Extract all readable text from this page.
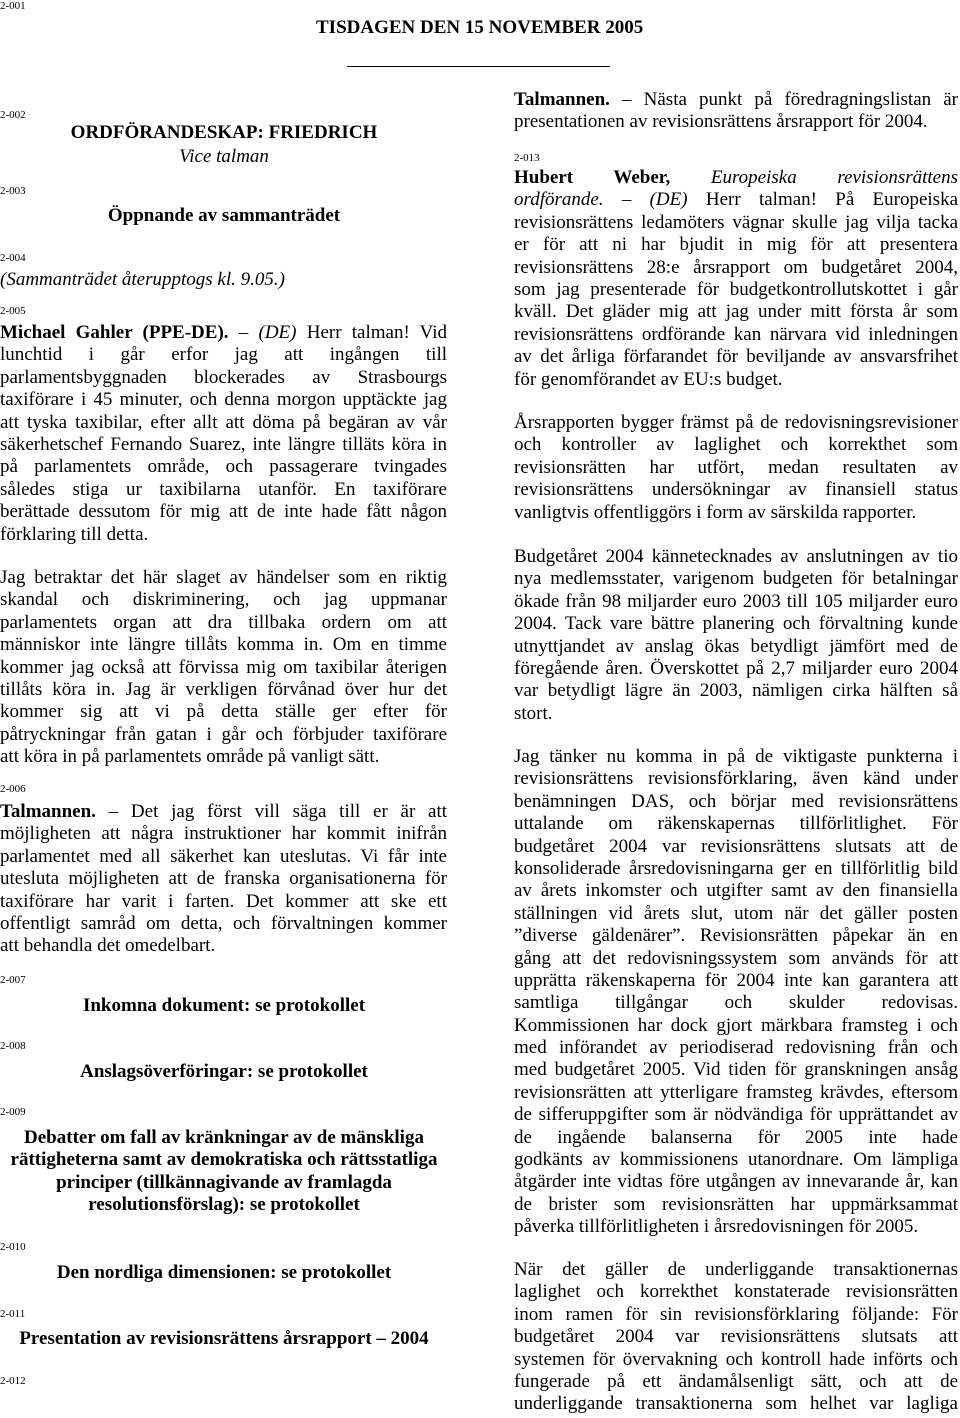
2-001
TISDAGEN DEN 15 NOVEMBER 2005
2-002
ORDFÖRANDESKAP: FRIEDRICH
Vice talman
2-003
Öppnande av sammanträdet
2-004
(Sammanträdet återupptogs kl. 9.05.)
2-005
Michael Gahler (PPE-DE). – (DE) Herr talman! Vid
lunchtid i går erfor jag att ingången till
parlamentsbyggnaden blockerades av Strasbourgs
taxiförare i 45 minuter, och denna morgon upptäckte jag
att tyska taxibilar, efter allt att döma på begäran av vår
säkerhetschef Fernando Suarez, inte längre tilläts köra in
på parlamentets område, och passagerare tvingades
således stiga ur taxibilarna utanför. En taxiförare
berättade dessutom för mig att de inte hade fått någon
förklaring till detta.
Jag betraktar det här slaget av händelser som en riktig
skandal och diskriminering, och jag uppmanar
parlamentets organ att dra tillbaka ordern om att
människor inte längre tillåts komma in. Om en timme
kommer jag också att förvissa mig om taxibilar återigen
tillåts köra in. Jag är verkligen förvånad över hur det
kommer sig att vi på detta ställe ger efter för
påtryckningar från gatan i går och förbjuder taxiförare
att köra in på parlamentets område på vanligt sätt.
2-006
Talmannen. – Det jag först vill säga till er är att
möjligheten att några instruktioner har kommit inifrån
parlamentet med all säkerhet kan uteslutas. Vi får inte
utesluta möjligheten att de franska organisationerna för
taxiförare har varit i farten. Det kommer att ske ett
offentligt samråd om detta, och förvaltningen kommer
att behandla det omedelbart.
2-007
Inkomna dokument: se protokollet
2-008
Anslagsöverföringar: se protokollet
2-009
Debatter om fall av kränkningar av de mänskliga
rättigheterna samt av demokratiska och rättsstatliga
principer (tillkännagivande av framlagda
resolutionsförslag): se protokollet
2-010
Den nordliga dimensionen: se protokollet
2-011
Presentation av revisionsrättens årsrapport – 2004
2-012
Talmannen. – Nästa punkt på föredragningslistan är
presentationen av revisionsrättens årsrapport för 2004.
2-013
Hubert Weber, Europeiska revisionsrättens
ordförande. – (DE) Herr talman! På Europeiska
revisionsrättens ledamöters vägnar skulle jag vilja tacka
er för att ni har bjudit in mig för att presentera
revisionsrättens 28:e årsrapport om budgetåret 2004,
som jag presenterade för budgetkontrollutskottet i går
kväll. Det gläder mig att jag under mitt första år som
revisionsrättens ordförande kan närvara vid inledningen
av det årliga förfarandet för beviljande av ansvarsfrihet
för genomförandet av EU:s budget.
Årsrapporten bygger främst på de redovisningsrevisioner
och kontroller av laglighet och korrekthet som
revisionsrätten har utfört, medan resultaten av
revisionsrättens undersökningar av finansiell status
vanligtvis offentliggörs i form av särskilda rapporter.
Budgetåret 2004 kännetecknades av anslutningen av tio
nya medlemsstater, varigenom budgeten för betalningar
ökade från 98 miljarder euro 2003 till 105 miljarder euro
2004. Tack vare bättre planering och förvaltning kunde
utnyttjandet av anslag ökas betydligt jämfört med de
föregående åren. Överskottet på 2,7 miljarder euro 2004
var betydligt lägre än 2003, nämligen cirka hälften så
stort.
Jag tänker nu komma in på de viktigaste punkterna i
revisionsrättens revisionsförklaring, även känd under
benämningen DAS, och börjar med revisionsrättens
uttalande om räkenskapernas tillförlitlighet. För
budgetåret 2004 var revisionsrättens slutsats att de
konsoliderade årsredovisningarna ger en tillförlitlig bild
av årets inkomster och utgifter samt av den finansiella
ställningen vid årets slut, utom när det gäller posten
”diverse gäldenärer”. Revisionsrätten påpekar än en
gång att det redovisningssystem som används för att
upprätta räkenskaperna för 2004 inte kan garantera att
samtliga tillgångar och skulder redovisas.
Kommissionen har dock gjort märkbara framsteg i och
med införandet av periodiserad redovisning från och
med budgetåret 2005. Vid tiden för granskningen ansåg
revisionsrätten att ytterligare framsteg krävdes, eftersom
de sifferuppgifter som är nödvändiga för upprättandet av
de ingående balanserna för 2005 inte hade
godkänts av kommissionens utanordnare. Om lämpliga
åtgärder inte vidtas före utgången av innevarande år, kan
de brister som revisionsrätten har uppmärksammat
påverka tillförlitligheten i årsredovisningen för 2005.
När det gäller de underliggande transaktionernas
laglighet och korrekthet konstaterade revisionsrätten
inom ramen för sin revisionsförklaring följande: För
budgetåret 2004 var revisionsrättens slutsats att
systemen för övervakning och kontroll hade införts och
fungerade på ett ändamålsenligt sätt, och att de
underliggande transaktionerna som helhet var lagliga
